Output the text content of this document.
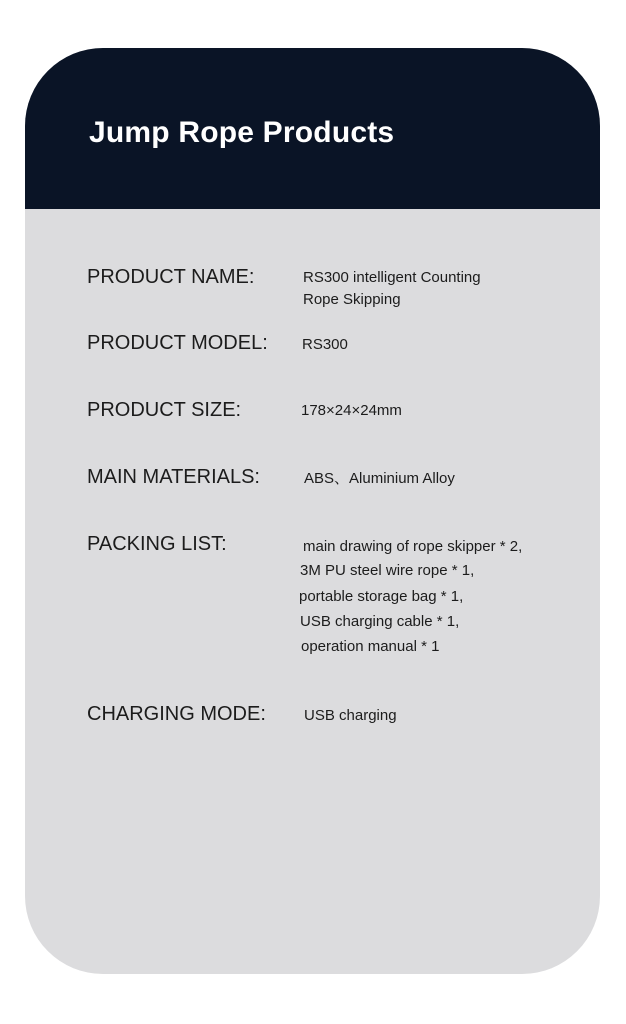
Jump Rope Products

PRODUCT NAME:	RS300 intelligent Counting
Rope Skipping

PRODUCT MODEL: RS300

PRODUCT SIZE:	178×24×24mm

MAIN MATERIALS:	ABS、Aluminium Alloy

PACKING LIST:	main drawing of rope skipper * 2,
3M PU steel wire rope * 1,
portable storage bag * 1,
USB charging cable * 1,
operation manual * 1

CHARGING MODE:	USB charging
